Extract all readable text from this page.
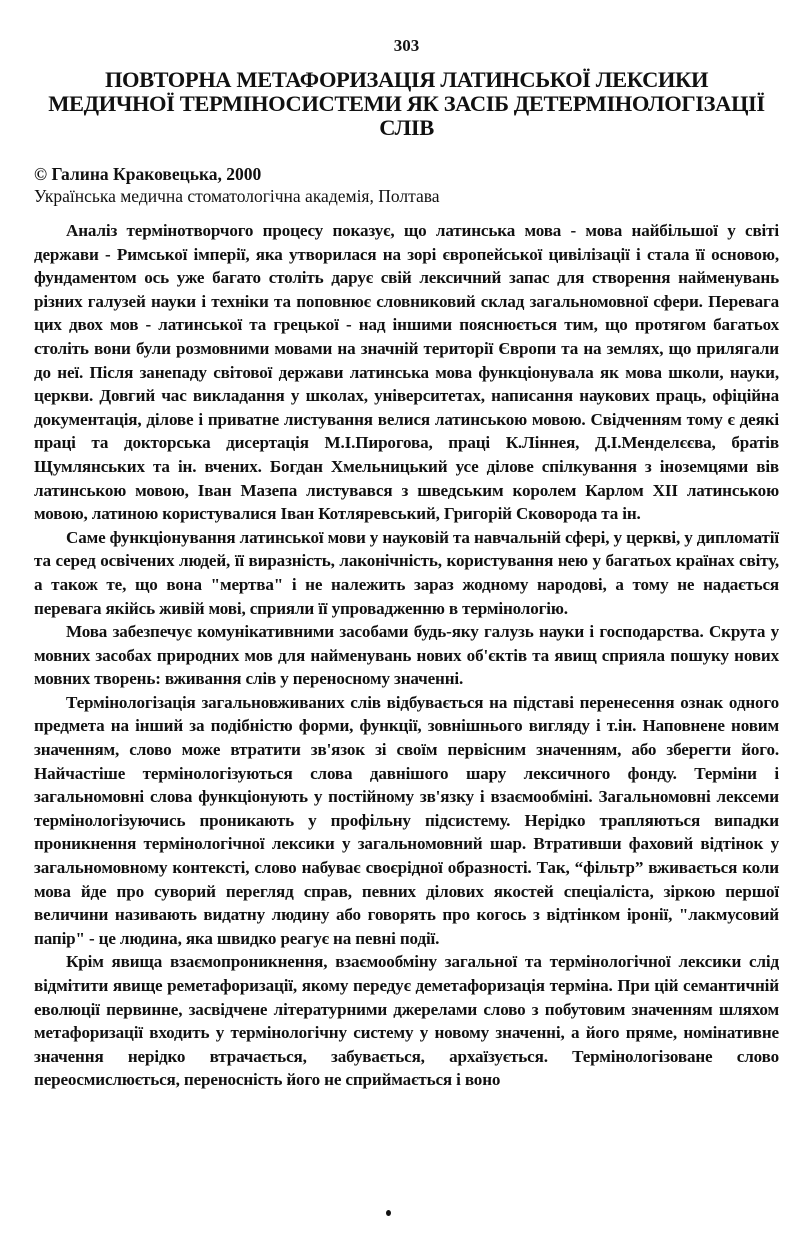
303
ПОВТОРНА МЕТАФОРИЗАЦІЯ ЛАТИНСЬКОЇ ЛЕКСИКИ
МЕДИЧНОЇ ТЕРМІНОСИСТЕМИ ЯК ЗАСІБ ДЕТЕРМІНОЛОГІЗАЦІЇ
СЛІВ
© Галина Краковецька, 2000
Українська медична стоматологічна академія, Полтава

Аналіз термінотворчого процесу показує, що латинська мова - мова найбільшої у світі держави - Римської імперії, яка утворилася на зорі європейської цивілізації і стала її основою, фундаментом ось уже багато століть дарує свій лексичний запас для створення найменувань різних галузей науки і техніки та поповнює словниковий склад загальномовної сфери. Перевага цих двох мов - латинської та грецької - над іншими пояснюється тим, що протягом багатьох століть вони були розмовними мовами на значній території Європи та на землях, що прилягали до неї. Після занепаду світової держави латинська мова функціонувала як мова школи, науки, церкви. Довгий час викладання у школах, університетах, написання наукових праць, офіційна документація, ділове і приватне листування велися латинською мовою. Свідченням тому є деякі праці та докторська дисертація М.І.Пирогова, праці К.Ліннея, Д.І.Менделєєва, братів Щумлянських та ін. вчених. Богдан Хмельницький усе ділове спілкування з іноземцями вів латинською мовою, Іван Мазепа листувався з шведським королем Карлом XII латинською мовою, латиною користувалися Іван Котляревський, Григорій Сковорода та ін.

Саме функціонування латинської мови у науковій та навчальній сфері, у церкві, у дипломатії та серед освічених людей, її виразність, лаконічність, користування нею у багатьох країнах світу, а також те, що вона "мертва" і не належить зараз жодному народові, а тому не надається перевага якійсь живій мові, сприяли її упровадженню в термінологію.

Мова забезпечує комунікативними засобами будь-яку галузь науки і господарства. Скрута у мовних засобах природних мов для найменувань нових об'єктів та явищ сприяла пошуку нових мовних творень: вживання слів у переносному значенні.

Термінологізація загальновживаних слів відбувається на підставі перенесення ознак одного предмета на інший за подібністю форми, функції, зовнішнього вигляду і т.ін. Наповнене новим значенням, слово може втратити зв'язок зі своїм первісним значенням, або зберегти його. Найчастіше термінологізуються слова давнішого шару лексичного фонду. Терміни і загальномовні слова функціонують у постійному зв'язку і взаємообміні. Загальномовні лексеми термінологізуючись проникають у профільну підсистему. Нерідко трапляються випадки проникнення термінологічної лексики у загальномовний шар. Втративши фаховий відтінок у загальномовному контексті, слово набуває своєрідної образності. Так, “фільтр” вживається коли мова йде про суворий перегляд справ, певних ділових якостей спеціаліста, зіркою першої величини називають видатну людину або говорять про когось з відтінком іронії, "лакмусовий папір" - це людина, яка швидко реагує на певні події.

Крім явища взаємопроникнення, взаємообміну загальної та термінологічної лексики слід відмітити явище реметафоризації, якому передує деметафоризація терміна. При цій семантичній еволюції первинне, засвідчене літературними джерелами слово з побутовим значенням шляхом метафоризації входить у термінологічну систему у новому значенні, а його пряме, номінативне значення нерідко втрачається, забувається, архаїзується. Термінологізоване слово переосмислюється, переносність його не сприймається і воно
